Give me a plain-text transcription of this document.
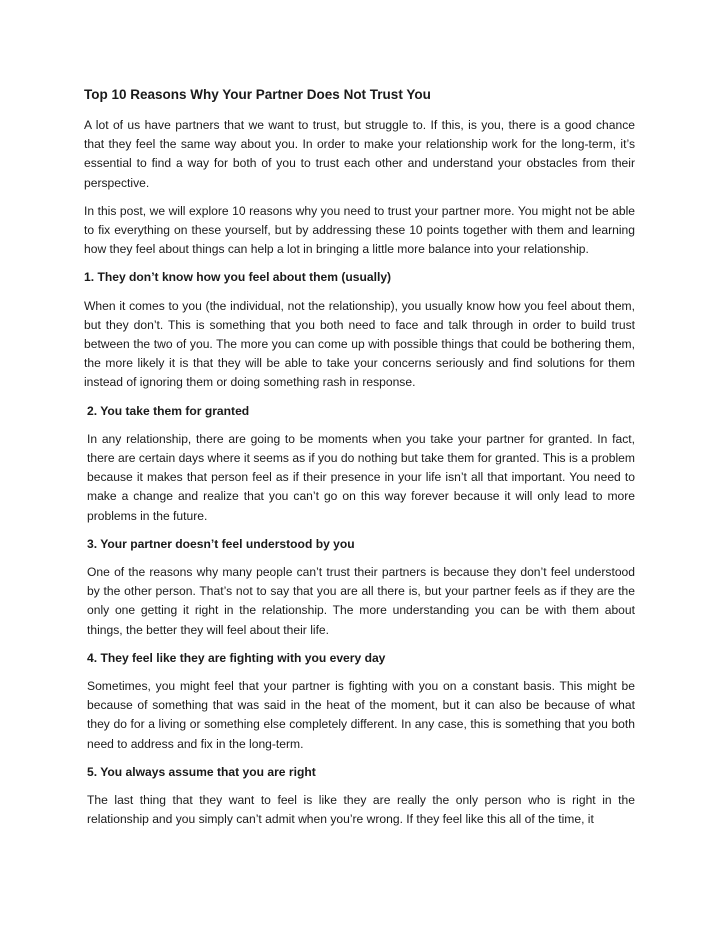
Top 10 Reasons Why Your Partner Does Not Trust You

A lot of us have partners that we want to trust, but struggle to. If this, is you, there is a good chance that they feel the same way about you. In order to make your relationship work for the long-term, it’s essential to find a way for both of you to trust each other and understand your obstacles from their perspective.

In this post, we will explore 10 reasons why you need to trust your partner more. You might not be able to fix everything on these yourself, but by addressing these 10 points together with them and learning how they feel about things can help a lot in bringing a little more balance into your relationship.

1. They don’t know how you feel about them (usually)

When it comes to you (the individual, not the relationship), you usually know how you feel about them, but they don’t. This is something that you both need to face and talk through in order to build trust between the two of you. The more you can come up with possible things that could be bothering them, the more likely it is that they will be able to take your concerns seriously and find solutions for them instead of ignoring them or doing something rash in response.

2. You take them for granted

In any relationship, there are going to be moments when you take your partner for granted. In fact, there are certain days where it seems as if you do nothing but take them for granted. This is a problem because it makes that person feel as if their presence in your life isn’t all that important. You need to make a change and realize that you can’t go on this way forever because it will only lead to more problems in the future.

3. Your partner doesn’t feel understood by you

One of the reasons why many people can’t trust their partners is because they don’t feel understood by the other person. That’s not to say that you are all there is, but your partner feels as if they are the only one getting it right in the relationship. The more understanding you can be with them about things, the better they will feel about their life.

4. They feel like they are fighting with you every day

Sometimes, you might feel that your partner is fighting with you on a constant basis. This might be because of something that was said in the heat of the moment, but it can also be because of what they do for a living or something else completely different. In any case, this is something that you both need to address and fix in the long-term.

5. You always assume that you are right

The last thing that they want to feel is like they are really the only person who is right in the relationship and you simply can’t admit when you’re wrong. If they feel like this all of the time, it
